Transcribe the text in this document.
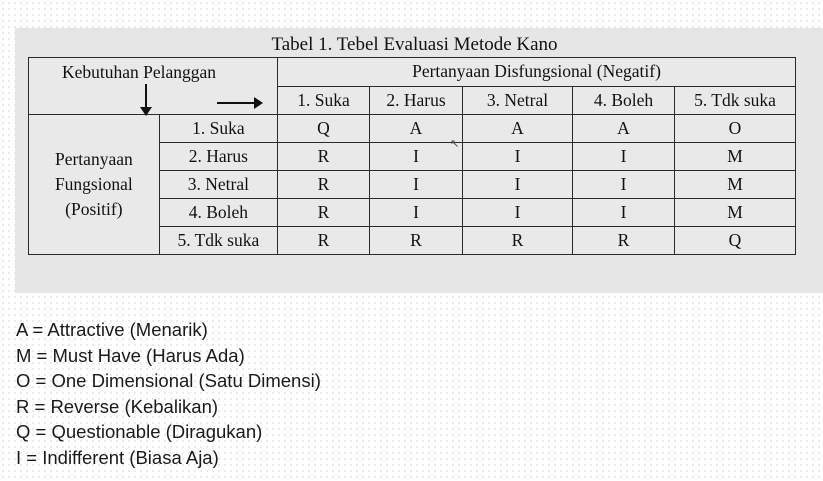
Tabel 1. Tebel Evaluasi Metode Kano
Kebutuhan Pelanggan		Pertanyaan Disfungsional (Negatif)				
		1. Suka	2. Harus	3. Netral	4. Boleh	5. Tdk suka

Pertanyaan
Fungsional
(Positif)	1. Suka	Q	A	A	A	O
	2. Harus	R	I	I	I	M
	3. Netral	R	I	I	I	M
	4. Boleh	R	I	I	I	M
	5. Tdk suka	R	R	R	R	Q
↖
A = Attractive (Menarik)
M = Must Have (Harus Ada)
O = One Dimensional (Satu Dimensi)
R = Reverse (Kebalikan)
Q = Questionable (Diragukan)
I = Indifferent (Biasa Aja)
